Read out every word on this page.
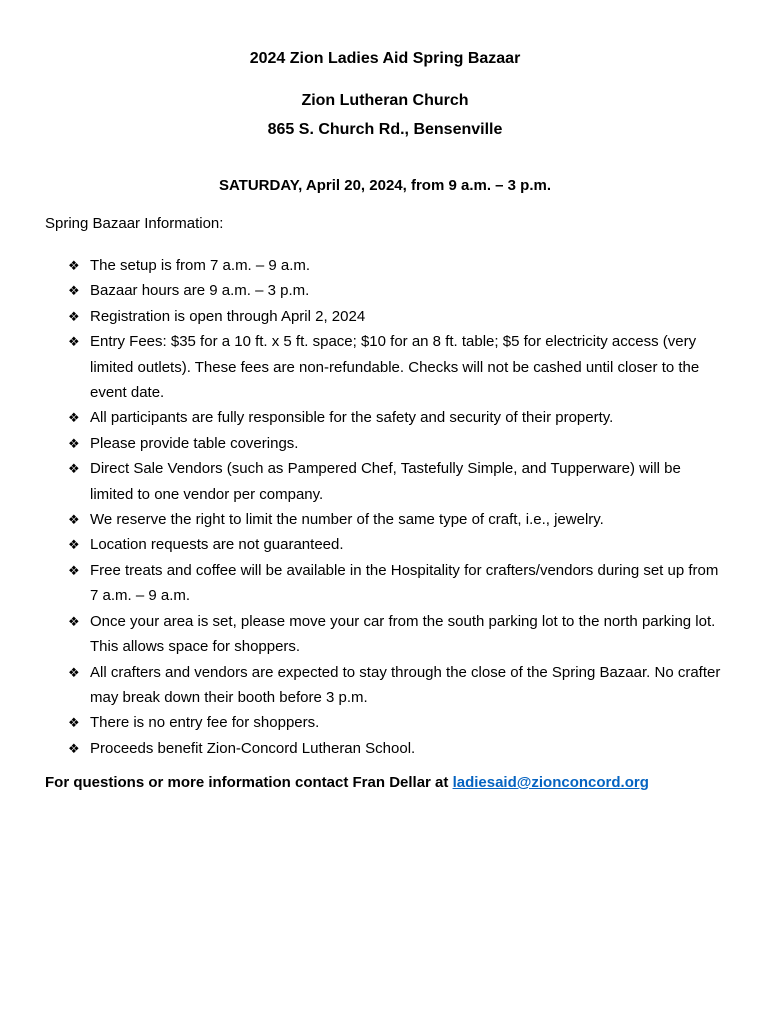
2024 Zion Ladies Aid Spring Bazaar
Zion Lutheran Church
865 S. Church Rd., Bensenville
SATURDAY, April 20, 2024, from 9 a.m. – 3 p.m.
Spring Bazaar Information:
❖ The setup is from 7 a.m. – 9 a.m.
❖ Bazaar hours are 9 a.m. – 3 p.m.
❖ Registration is open through April 2, 2024
❖ Entry Fees: $35 for a 10 ft. x 5 ft. space; $10 for an 8 ft. table; $5 for electricity access (very limited outlets). These fees are non-refundable. Checks will not be cashed until closer to the event date.
❖ All participants are fully responsible for the safety and security of their property.
❖ Please provide table coverings.
❖ Direct Sale Vendors (such as Pampered Chef, Tastefully Simple, and Tupperware) will be limited to one vendor per company.
❖ We reserve the right to limit the number of the same type of craft, i.e., jewelry.
❖ Location requests are not guaranteed.
❖ Free treats and coffee will be available in the Hospitality for crafters/vendors during set up from 7 a.m. – 9 a.m.
❖ Once your area is set, please move your car from the south parking lot to the north parking lot. This allows space for shoppers.
❖ All crafters and vendors are expected to stay through the close of the Spring Bazaar. No crafter may break down their booth before 3 p.m.
❖ There is no entry fee for shoppers.
❖ Proceeds benefit Zion-Concord Lutheran School.
For questions or more information contact Fran Dellar at ladiesaid@zionconcord.org
